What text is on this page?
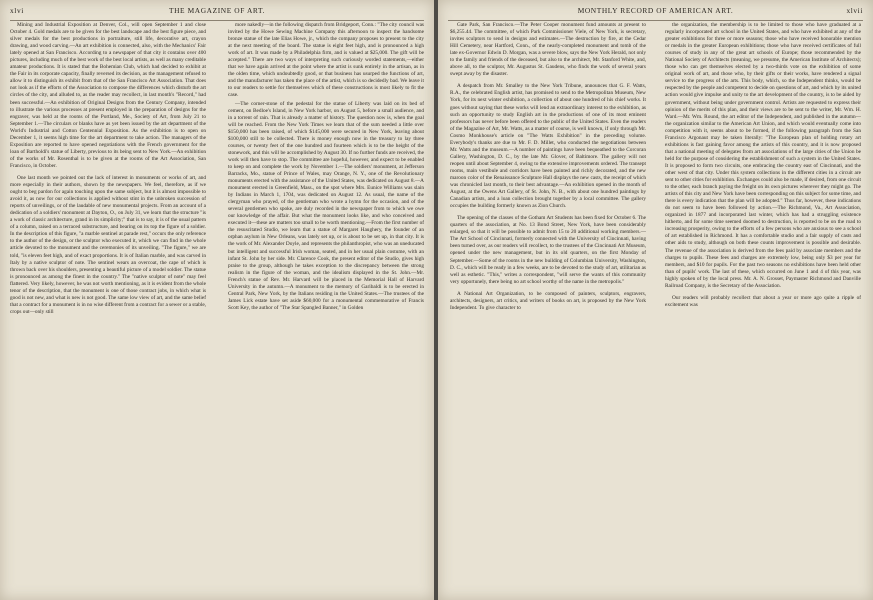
xlvi	THE MAGAZINE OF ART.

Mining and Industrial Exposition at Denver, Col., will open September 1 and close October 4. Gold medals are to be given for the best landscape and the best figure piece, and silver medals for the best productions in portraiture, still life, decorative art, crayon drawing, and wood carving.—An art exhibition is connected, also, with the Mechanics' Fair lately opened at San Francisco. According to a newspaper of that city it contains over 400 pictures, including much of the best work of the best local artists, as well as many creditable amateur productions. It is stated that the Bohemian Club, which had decided to exhibit at the Fair in its corporate capacity, finally reversed its decision, as the management refused to allow it to distinguish its exhibit from that of the San Francisco Art Association. That does not look as if the efforts of the Association to compose the differences which disturb the art circles of the city, and alluded to, as the reader may recollect, in last month's "Record," had been successful.—An exhibition of Original Designs from the Century Company, intended to illustrate the various processes at present employed in the preparation of designs for the engraver, was held at the rooms of the Portland, Me., Society of Art, from July 21 to September 1.—The circulars or blanks have as yet been issued by the art department of the World's Industrial and Cotton Centennial Exposition. As the exhibition is to open on December 1, it seems high time for the art department to take action. The managers of the Exposition are reported to have opened negotiations with the French government for the loan of Bartholdi's statue of Liberty, previous to its being sent to New York.—An exhibition of the works of Mr. Rosenthal is to be given at the rooms of the Art Association, San Francisco, in October.

One last month we pointed out the lack of interest in monuments or works of art, and more especially in their authors, shown by the newspapers. We feel, therefore, as if we ought to beg pardon for again touching upon the same subject, but it is almost impossible to avoid it, as now for our collections is applied without stint in the unbroken succession of reports of unveilings, or of the laudable of new monumental projects. From an account of a dedication of a soldiers' monument at Dayton, O., on July 31, we learn that the structure "is a work of classic architecture, grand in its simplicity;" that is to say, it is of the usual pattern of a column, raised on a terraced substructure, and bearing on its top the figure of a soldier. In the description of this figure, "a marble sentinel at parade rest," occurs the only reference to the author of the design, or the sculptor who executed it, which we can find in the whole article devoted to the monument and the ceremonies of its unveiling. "The figure," we are told, "is eleven feet high, and of exact proportions. It is of Italian marble, and was carved in Italy by a native sculptor of note. The sentinel wears an overcoat, the cape of which is thrown back over his shoulders, presenting a beautiful picture of a model soldier. The statue is pronounced as among the finest in the country." The "native sculptor of note" may feel flattered. Very likely, however, he was not worth mentioning, as it is evident from the whole tenor of the description, that the monument is one of those contract jobs, in which what is good is not new, and what is new is not good. The same low view of art, and the same belief that a contract for a monument is in no wise different from a contract for a sewer or a stable, crops out—only still

more nakedly—in the following dispatch from Bridgeport, Conn.: "The city council was invited by the Howe Sewing Machine Company this afternoon to inspect the handsome bronze statue of the late Elias Howe, jr., which the company proposes to present to the city at the next meeting of the board. The statue is eight feet high, and is pronounced a high work of art. It was made by a Philadelphia firm, and is valued at $25,000. The gift will be accepted." There are two ways of interpreting such curiously worded statements,—either that we have again arrived at the point where the artist is sunk entirely in the artisan, as in the olden time, which undoubtedly good, or that business has usurped the functions of art, and the manufacturer has taken the place of the artist, which is so decidedly bad. We leave it to our readers to settle for themselves which of these constructions is most likely to fit the case.

—The corner-stone of the pedestal for the statue of Liberty was laid on its bed of cement, on Bedloe's Island, in New York harbor, on August 5, before a small audience, and in a torrent of rain. That is already a matter of history. The question now is, when the goal will be reached. From the New York Times we learn that of the sum needed a little over $150,000 has been raised, of which $145,000 were secured in New York, leaving about $100,000 still to be collected. There is money enough now in the treasury to lay three courses, or twenty feet of the one hundred and fourteen which is to be the height of the stonework, and this will be accomplished by August 30. If no further funds are received, the work will then have to stop. The committee are hopeful, however, and expect to be enabled to keep on and complete the work by November 1.—The soldiers' monument, at Jefferson Barracks, Mo., statue of Prince of Wales, may Orange, N. Y., one of the Revolutionary monuments erected with the assistance of the United States, was dedicated on August 8.—A monument erected in Greenfield, Mass., on the spot where Mrs. Eunice Williams was slain by Indians in March 1, 1704, was dedicated on August 12. As usual, the name of the clergyman who prayed, of the gentleman who wrote a hymn for the occasion, and of the several gentlemen who spoke, are duly recorded in the newspaper from to which we owe our knowledge of the affair. But what the monument looks like, and who conceived and executed it—these are matters too small to be worth mentioning.—From the first number of the resuscitated Studio, we learn that a statue of Margaret Haughery, the founder of an orphan asylum in New Orleans, was lately set up, or is about to be set up, in that city. It is the work of Mr. Alexander Doyle, and represents the philanthropist, who was an uneducated but intelligent and successful Irish woman, seated, and in her usual plain costume, with an infant St. John by her side. Mr. Clarence Cook, the present editor of the Studio, gives high praise to the group, although he takes exception to the discrepancy between the strong realism in the figure of the woman, and the idealism displayed in the St. John.—Mr. French's statue of Rev. Mr. Harvard will be placed in the Memorial Hall of Harvard University in the autumn.—A monument to the memory of Garibaldi is to be erected in Central Park, New York, by the Italians residing in the United States.—The trustees of the James Lick estate have set aside $60,000 for a monumental commemorative of Francis Scott Key, the author of "The Star Spangled Banner," in Golden

MONTHLY RECORD OF AMERICAN ART.	xlvii

Gate Park, San Francisco.—The Peter Cooper monument fund amounts at present to $6,255.44. The committee, of which Park Commissioner Viele, of New York, is secretary, invites sculptors to send in designs and estimates.—The destruction by fire, at the Cedar Hill Cemetery, near Hartford, Conn., of the nearly-completed monument and tomb of the late ex-Governor Edwin D. Morgan, was a severe blow, says the New York Herald, not only to the family and friends of the deceased, but also to the architect, Mr. Stanford White, and, above all, to the sculptor, Mr. Augustus St. Gaudens, who finds the work of several years swept away by the disaster.

A despatch from Mr. Smalley to the New York Tribune, announces that G. F. Watts, R.A., the celebrated English artist, has promised to send to the Metropolitan Museum, New York, for its next winter exhibition, a collection of about one hundred of his chief works. It goes without saying that these works will lend an extraordinary interest to the exhibition, as such an opportunity to study English art in the productions of one of its most eminent professors has never before been offered to the public of the United States. Even the readers of the Magazine of Art, Mr. Watts, as a matter of course, is well known, if only through Mr. Cosmo Monkhouse's article on "The Watts Exhibition" in the preceding volume. Everybody's thanks are due to Mr. F. D. Millet, who conducted the negotiations between Mr. Watts and the museum.—A number of paintings have been bequeathed to the Corcoran Gallery, Washington, D. C., by the late Mr. Glover, of Baltimore. The gallery will not reopen until about September 4, owing to the extensive improvements ordered. The transept rooms, main vestibule and corridors have been painted and richly decorated, and the new maroon color of the Renaissance Sculpture Hall displays the new casts, the receipt of which was chronicled last month, to their best advantage.—An exhibition opened in the month of August, at the Owens Art Gallery, of St. John, N. B., with about one hundred paintings by Canadian artists, and a loan collection brought together by a local committee. The gallery occupies the building formerly known as Zion Church.

The opening of the classes of the Gotham Art Students has been fixed for October 6. The quarters of the association, at No. 13 Bond Street, New York, have been considerably enlarged, so that it will be possible to admit from 15 to 20 additional working members.—The Art School of Cincinnati, formerly connected with the University of Cincinnati, having been turned over, as our readers will recollect, to the trustees of the Cincinnati Art Museum, opened under the new management, but in its old quarters, on the first Monday of September.—Some of the rooms in the new building of Columbian University, Washington, D. C., which will be ready in a few weeks, are to be devoted to the study of art, utilitarian as well as esthetic. "This," writes a correspondent, "will serve the wants of this community very opportunely, there being no art school worthy of the name in the metropolis."

A National Art Organization, to be composed of painters, sculptors, engravers, architects, designers, art critics, and writers of books on art, is proposed by the New York Independent. To give character to

the organization, the membership is to be limited to those who have graduated at a regularly incorporated art school in the United States, and who have exhibited at any of the greater exhibitions for three or more seasons; those who have received honorable mention or medals in the greater European exhibitions; those who have received certificates of full courses of study in any of the great art schools of Europe; those recommended by the National Society of Architects (meaning, we presume, the American Institute of Architects); those who can get themselves elected by a two-thirds vote on the exhibition of some original work of art, and those who, by their gifts or their works, have rendered a signal service to the progress of the arts. This body, which, so the Independent thinks, would be respected by the people and competent to decide on questions of art, and which by its united action would give impulse and unity to the art development of the country, is to be aided by government, without being under government control. Artists are requested to express their opinion of the merits of this plan, and their views are to be sent to the writer, Mr. Wm. H. Ward.—Mr. Wm. Round, the art editor of the Independent, and published in the autumn—the organization similar to the American Art Union, and which would eventually come into competition with it, seems about to be formed, if the following paragraph from the San Francisco Argonaut may be taken literally: "The European plan of holding rotary art exhibitions is fast gaining favor among the artists of this country, and it is now proposed that a national meeting of delegates from art associations of the large cities of the Union be held for the purpose of considering the establishment of such a system in the United States. It is proposed to form two circuits, one embracing the country east of Cincinnati, and the other west of that city. Under this system collections in the different cities in a circuit are sent to other cities for exhibition. Exchanges could also be made, if desired, from one circuit to the other, each branch paying the freight on its own pictures wherever they might go. The artists of this city and New York have been corresponding on this subject for some time, and there is every indication that the plan will be adopted." Thus far, however, these indications do not seem to have been followed by action.—The Richmond, Va., Art Association, organized in 1877 and incorporated last winter, which has had a struggling existence hitherto, and for some time seemed doomed to destruction, is reported to be on the road to increasing prosperity, owing to the efforts of a few persons who are anxious to see a school of art established in Richmond. It has a comfortable studio and a fair supply of casts and other aids to study, although on both these counts improvement is possible and desirable. The revenue of the association is derived from the fees paid by associate members and the charges to pupils. These fees and charges are extremely low, being only $3 per year for members, and $10 for pupils. For the past two seasons no exhibitions have been held other than of pupils' work. The last of these, which occurred on June 1 and 4 of this year, was highly spoken of by the local press. Mr. A. N. Grosset, Paymaster Richmond and Danville Railroad Company, is the Secretary of the Association.

Our readers will probably recollect that about a year or more ago quite a ripple of excitement was
